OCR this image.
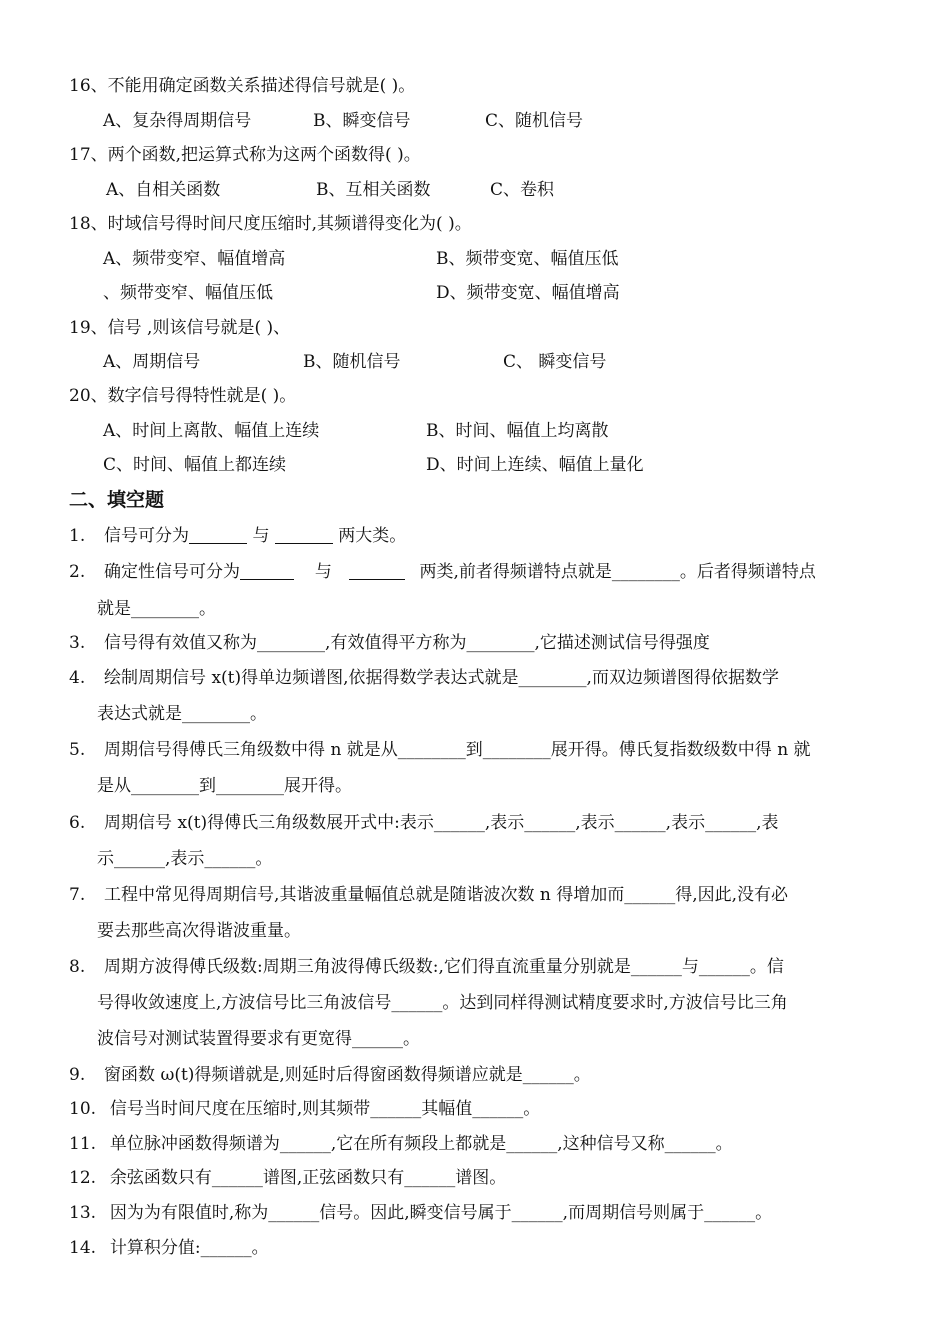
16、不能用确定函数关系描述得信号就是( )。
A、复杂得周期信号	B、瞬变信号	C、随机信号
17、两个函数,把运算式称为这两个函数得( )。
A、自相关函数	B、互相关函数	C、卷积
18、时域信号得时间尺度压缩时,其频谱得变化为( )。
A、频带变窄、幅值增高	B、频带变宽、幅值压低
、频带变窄、幅值压低	D、频带变宽、幅值增高
19、信号 ,则该信号就是( )、
A、周期信号	B、随机信号	C、 瞬变信号
20、数字信号得特性就是( )。
A、时间上离散、幅值上连续	B、时间、幅值上均离散
C、时间、幅值上都连续	D、时间上连续、幅值上量化
二、填空题
1. 信号可分为	与	两大类。
2. 确定性信号可分为	与	两类,前者得频谱特点就是________。后者得频谱特点
就是________。
3. 信号得有效值又称为________,有效值得平方称为________,它描述测试信号得强度
4. 绘制周期信号 x(t)得单边频谱图,依据得数学表达式就是________,而双边频谱图得依据数学
表达式就是________。
5. 周期信号得傅氏三角级数中得 n 就是从________到________展开得。傅氏复指数级数中得 n 就
是从________到________展开得。
6. 周期信号 x(t)得傅氏三角级数展开式中:表示______,表示______,表示______,表示______,表
示______,表示______。
7. 工程中常见得周期信号,其谐波重量幅值总就是随谐波次数 n 得增加而______得,因此,没有必
要去那些高次得谐波重量。
8. 周期方波得傅氏级数:周期三角波得傅氏级数:,它们得直流重量分别就是______与______。信
号得收敛速度上,方波信号比三角波信号______。达到同样得测试精度要求时,方波信号比三角
波信号对测试装置得要求有更宽得______。
9. 窗函数 ω(t)得频谱就是,则延时后得窗函数得频谱应就是______。
10. 信号当时间尺度在压缩时,则其频带______其幅值______。
11. 单位脉冲函数得频谱为______,它在所有频段上都就是______,这种信号又称______。
12. 余弦函数只有______谱图,正弦函数只有______谱图。
13. 因为为有限值时,称为______信号。因此,瞬变信号属于______,而周期信号则属于______。
14. 计算积分值:______。
